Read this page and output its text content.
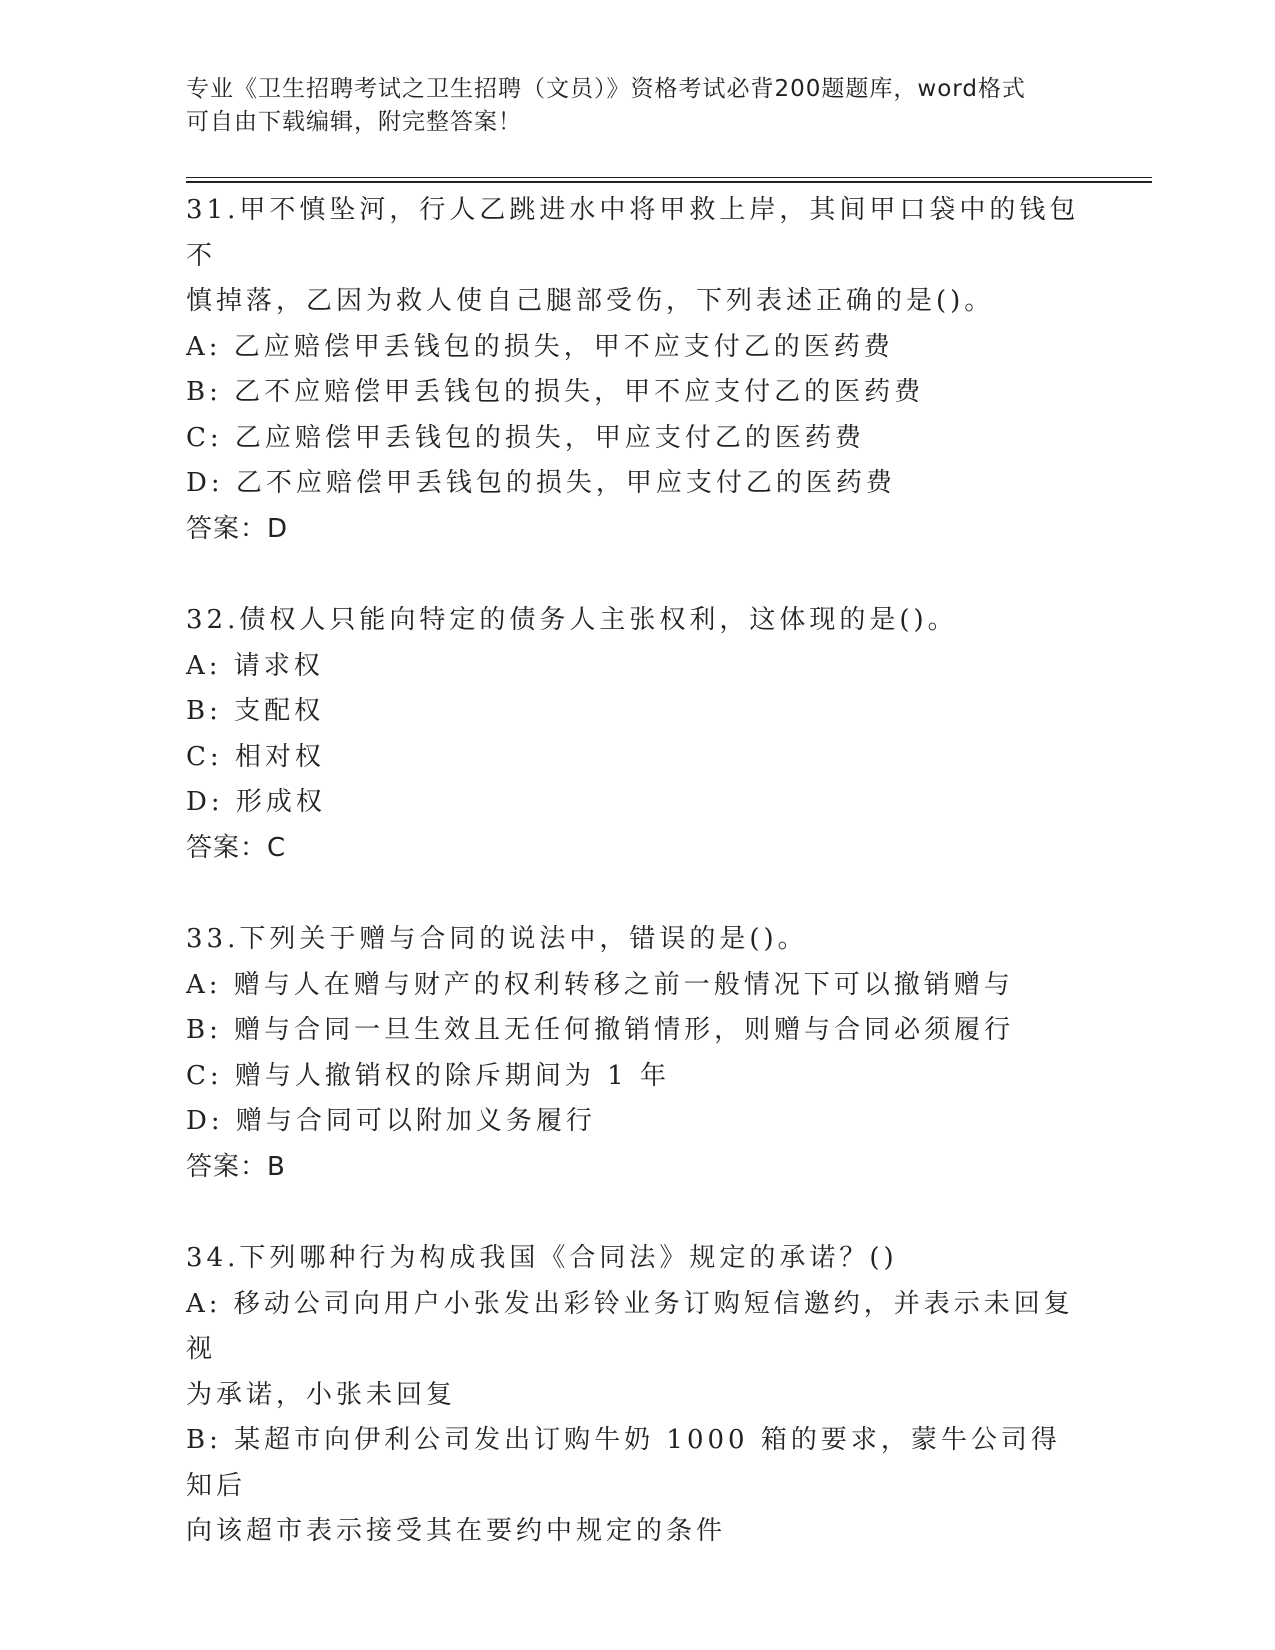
专业《卫生招聘考试之卫生招聘（文员）》资格考试必背200题题库，word格式
可自由下载编辑，附完整答案！
31.甲不慎坠河，行人乙跳进水中将甲救上岸，其间甲口袋中的钱包不
慎掉落，乙因为救人使自己腿部受伤，下列表述正确的是()。
A: 乙应赔偿甲丢钱包的损失，甲不应支付乙的医药费
B: 乙不应赔偿甲丢钱包的损失，甲不应支付乙的医药费
C: 乙应赔偿甲丢钱包的损失，甲应支付乙的医药费
D: 乙不应赔偿甲丢钱包的损失，甲应支付乙的医药费
答案：D
32.债权人只能向特定的债务人主张权利，这体现的是()。
A: 请求权
B: 支配权
C: 相对权
D: 形成权
答案：C
33.下列关于赠与合同的说法中，错误的是()。
A: 赠与人在赠与财产的权利转移之前一般情况下可以撤销赠与
B: 赠与合同一旦生效且无任何撤销情形，则赠与合同必须履行
C: 赠与人撤销权的除斥期间为 1 年
D: 赠与合同可以附加义务履行
答案：B
34.下列哪种行为构成我国《合同法》规定的承诺？()
A: 移动公司向用户小张发出彩铃业务订购短信邀约，并表示未回复视
为承诺，小张未回复
B: 某超市向伊利公司发出订购牛奶 1000 箱的要求，蒙牛公司得知后
向该超市表示接受其在要约中规定的条件
